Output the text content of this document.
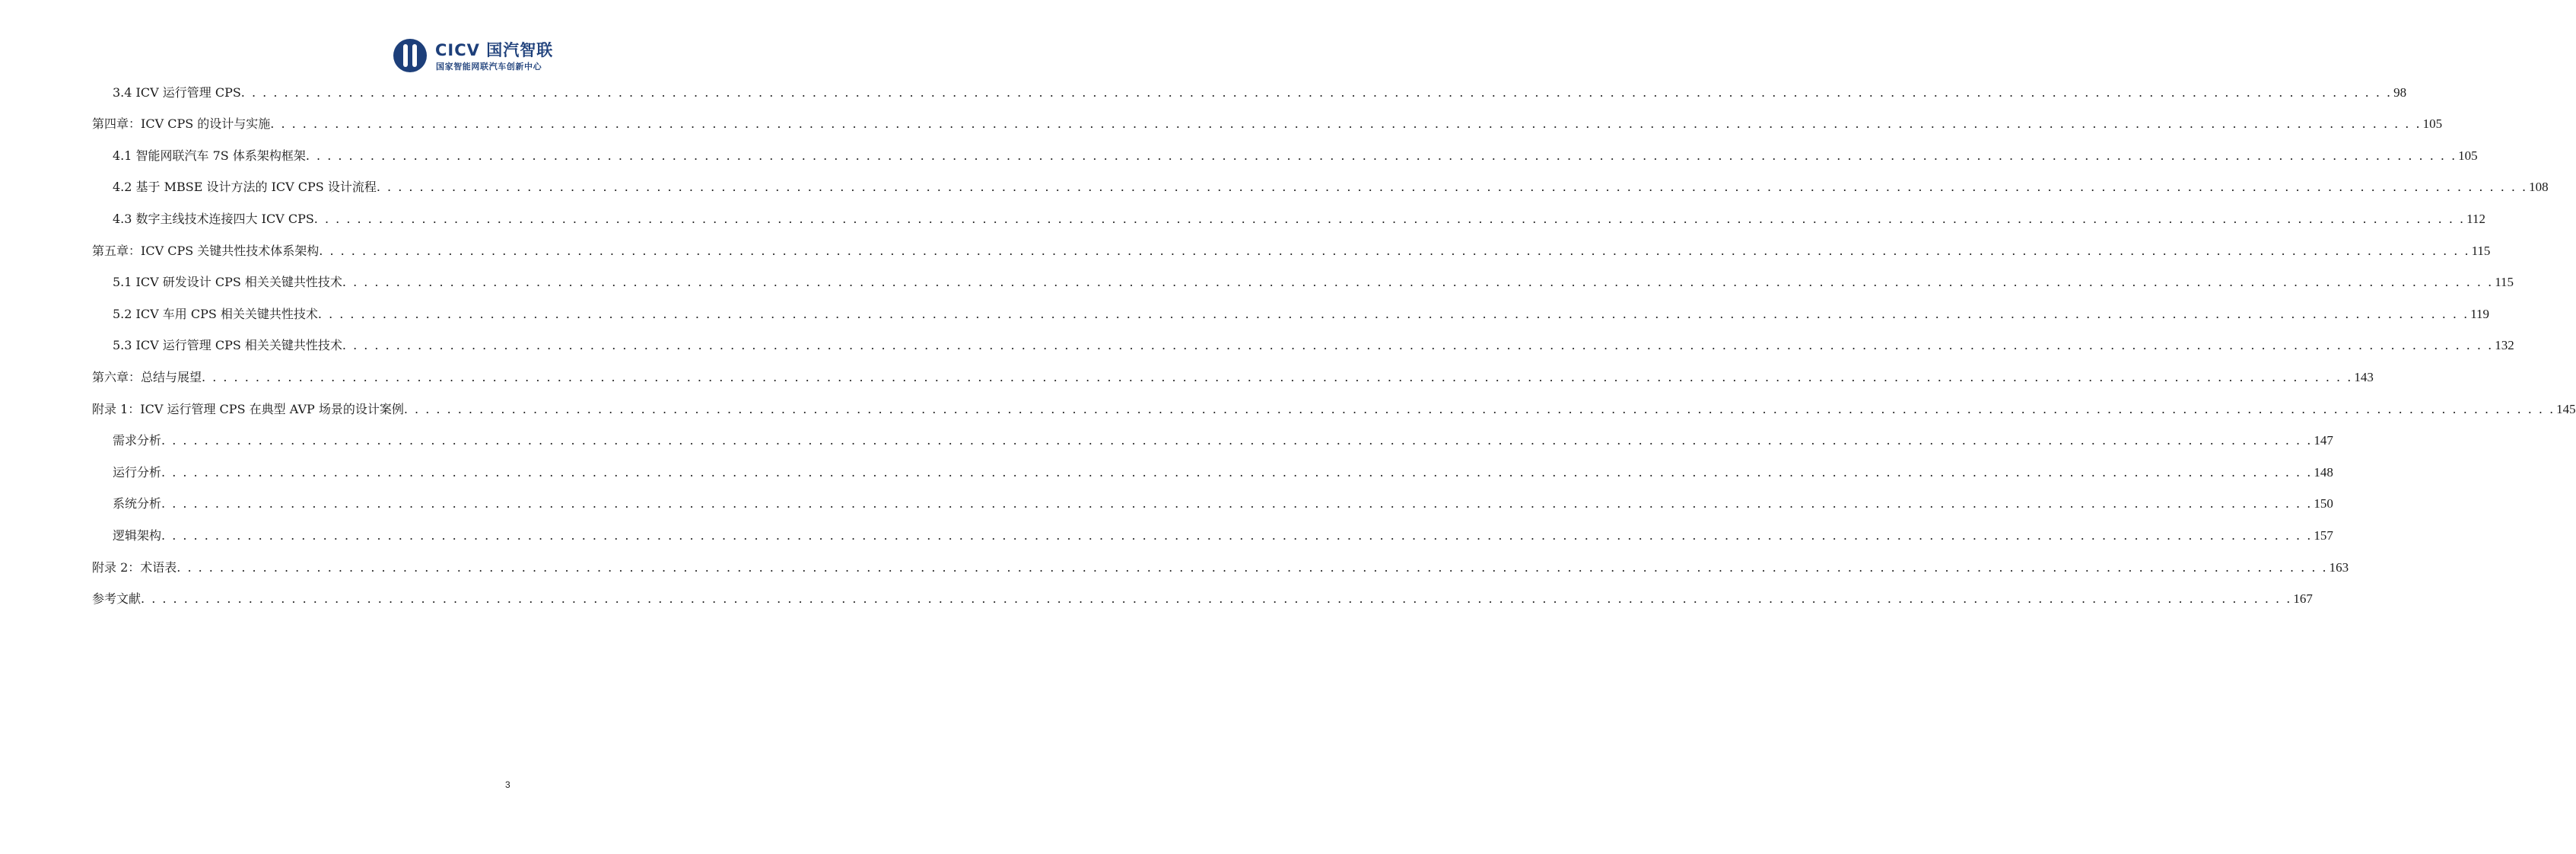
CICV 国汽智联
国家智能网联汽车创新中心
3.4 ICV 运行管理 CPS . . . . . . . . . . . . . . . . . . . . . . . . . . . . . . . . . . . . . . . . . . . . . . . . . . . . . . . . . . . . . . . . . . . . . . . . . . . . . . . . . . . . . . . . . . . . . . . . . . . . . . . . . . . . . . . . . . . . . . . . . . . . . . . . . . . . . . . . . . . . . . . . . . . . . . . . . . . . . . . . . . . . . . . . . . . . . . . . . . . . . . . . . . . . . . . . . . . . . . . . 98
第四章：ICV CPS 的设计与实施 . . . . . . . . . . . . . . . . . . . . . . . . . . . . . . . . . . . . . . . . . . . . . . . . . . . . . . . . . . . . . . . . . . . . . . . . . . . . . . . . . . . . . . . . . . . . . . . . . . . . . . . . . . . . . . . . . . . . . . . . . . . . . . . . . . . . . . . . . . . . . . . . . . . . . . . . . . . . . . . . . . . . . . . . . . . . . . . . . . . . . . . . . . . . . . . . . . . . . . . . 105
4.1 智能网联汽车 7S 体系架构框架 . . . . . . . . . . . . . . . . . . . . . . . . . . . . . . . . . . . . . . . . . . . . . . . . . . . . . . . . . . . . . . . . . . . . . . . . . . . . . . . . . . . . . . . . . . . . . . . . . . . . . . . . . . . . . . . . . . . . . . . . . . . . . . . . . . . . . . . . . . . . . . . . . . . . . . . . . . . . . . . . . . . . . . . . . . . . . . . . . . . . . . . . . . . . . . . . . . . . . . . . 105
4.2 基于 MBSE 设计方法的 ICV CPS 设计流程 . . . . . . . . . . . . . . . . . . . . . . . . . . . . . . . . . . . . . . . . . . . . . . . . . . . . . . . . . . . . . . . . . . . . . . . . . . . . . . . . . . . . . . . . . . . . . . . . . . . . . . . . . . . . . . . . . . . . . . . . . . . . . . . . . . . . . . . . . . . . . . . . . . . . . . . . . . . . . . . . . . . . . . . . . . . . . . . . . . . . . . . . . . . . . . . . . . . . . . . . 108
4.3 数字主线技术连接四大 ICV CPS . . . . . . . . . . . . . . . . . . . . . . . . . . . . . . . . . . . . . . . . . . . . . . . . . . . . . . . . . . . . . . . . . . . . . . . . . . . . . . . . . . . . . . . . . . . . . . . . . . . . . . . . . . . . . . . . . . . . . . . . . . . . . . . . . . . . . . . . . . . . . . . . . . . . . . . . . . . . . . . . . . . . . . . . . . . . . . . . . . . . . . . . . . . . . . . . . . . . . . . . 112
第五章：ICV CPS 关键共性技术体系架构 . . . . . . . . . . . . . . . . . . . . . . . . . . . . . . . . . . . . . . . . . . . . . . . . . . . . . . . . . . . . . . . . . . . . . . . . . . . . . . . . . . . . . . . . . . . . . . . . . . . . . . . . . . . . . . . . . . . . . . . . . . . . . . . . . . . . . . . . . . . . . . . . . . . . . . . . . . . . . . . . . . . . . . . . . . . . . . . . . . . . . . . . . . . . . . . . . . . . . . . . 115
5.1 ICV 研发设计 CPS 相关关键共性技术 . . . . . . . . . . . . . . . . . . . . . . . . . . . . . . . . . . . . . . . . . . . . . . . . . . . . . . . . . . . . . . . . . . . . . . . . . . . . . . . . . . . . . . . . . . . . . . . . . . . . . . . . . . . . . . . . . . . . . . . . . . . . . . . . . . . . . . . . . . . . . . . . . . . . . . . . . . . . . . . . . . . . . . . . . . . . . . . . . . . . . . . . . . . . . . . . . . . . . . . . 115
5.2 ICV 车用 CPS 相关关键共性技术 . . . . . . . . . . . . . . . . . . . . . . . . . . . . . . . . . . . . . . . . . . . . . . . . . . . . . . . . . . . . . . . . . . . . . . . . . . . . . . . . . . . . . . . . . . . . . . . . . . . . . . . . . . . . . . . . . . . . . . . . . . . . . . . . . . . . . . . . . . . . . . . . . . . . . . . . . . . . . . . . . . . . . . . . . . . . . . . . . . . . . . . . . . . . . . . . . . . . . . . . 119
5.3 ICV 运行管理 CPS 相关关键共性技术 . . . . . . . . . . . . . . . . . . . . . . . . . . . . . . . . . . . . . . . . . . . . . . . . . . . . . . . . . . . . . . . . . . . . . . . . . . . . . . . . . . . . . . . . . . . . . . . . . . . . . . . . . . . . . . . . . . . . . . . . . . . . . . . . . . . . . . . . . . . . . . . . . . . . . . . . . . . . . . . . . . . . . . . . . . . . . . . . . . . . . . . . . . . . . . . . . . . . . . . . 132
第六章：总结与展望 . . . . . . . . . . . . . . . . . . . . . . . . . . . . . . . . . . . . . . . . . . . . . . . . . . . . . . . . . . . . . . . . . . . . . . . . . . . . . . . . . . . . . . . . . . . . . . . . . . . . . . . . . . . . . . . . . . . . . . . . . . . . . . . . . . . . . . . . . . . . . . . . . . . . . . . . . . . . . . . . . . . . . . . . . . . . . . . . . . . . . . . . . . . . . . . . . . . . . . . . 143
附录 1：ICV 运行管理 CPS 在典型 AVP 场景的设计案例 . . . . . . . . . . . . . . . . . . . . . . . . . . . . . . . . . . . . . . . . . . . . . . . . . . . . . . . . . . . . . . . . . . . . . . . . . . . . . . . . . . . . . . . . . . . . . . . . . . . . . . . . . . . . . . . . . . . . . . . . . . . . . . . . . . . . . . . . . . . . . . . . . . . . . . . . . . . . . . . . . . . . . . . . . . . . . . . . . . . . . . . . . . . . . . . . . . . . . . . . 145
需求分析 . . . . . . . . . . . . . . . . . . . . . . . . . . . . . . . . . . . . . . . . . . . . . . . . . . . . . . . . . . . . . . . . . . . . . . . . . . . . . . . . . . . . . . . . . . . . . . . . . . . . . . . . . . . . . . . . . . . . . . . . . . . . . . . . . . . . . . . . . . . . . . . . . . . . . . . . . . . . . . . . . . . . . . . . . . . . . . . . . . . . . . . . . . . . . . . . . . . . . . . . 147
运行分析 . . . . . . . . . . . . . . . . . . . . . . . . . . . . . . . . . . . . . . . . . . . . . . . . . . . . . . . . . . . . . . . . . . . . . . . . . . . . . . . . . . . . . . . . . . . . . . . . . . . . . . . . . . . . . . . . . . . . . . . . . . . . . . . . . . . . . . . . . . . . . . . . . . . . . . . . . . . . . . . . . . . . . . . . . . . . . . . . . . . . . . . . . . . . . . . . . . . . . . . . 148
系统分析 . . . . . . . . . . . . . . . . . . . . . . . . . . . . . . . . . . . . . . . . . . . . . . . . . . . . . . . . . . . . . . . . . . . . . . . . . . . . . . . . . . . . . . . . . . . . . . . . . . . . . . . . . . . . . . . . . . . . . . . . . . . . . . . . . . . . . . . . . . . . . . . . . . . . . . . . . . . . . . . . . . . . . . . . . . . . . . . . . . . . . . . . . . . . . . . . . . . . . . . . 150
逻辑架构 . . . . . . . . . . . . . . . . . . . . . . . . . . . . . . . . . . . . . . . . . . . . . . . . . . . . . . . . . . . . . . . . . . . . . . . . . . . . . . . . . . . . . . . . . . . . . . . . . . . . . . . . . . . . . . . . . . . . . . . . . . . . . . . . . . . . . . . . . . . . . . . . . . . . . . . . . . . . . . . . . . . . . . . . . . . . . . . . . . . . . . . . . . . . . . . . . . . . . . . . 157
附录 2：术语表 . . . . . . . . . . . . . . . . . . . . . . . . . . . . . . . . . . . . . . . . . . . . . . . . . . . . . . . . . . . . . . . . . . . . . . . . . . . . . . . . . . . . . . . . . . . . . . . . . . . . . . . . . . . . . . . . . . . . . . . . . . . . . . . . . . . . . . . . . . . . . . . . . . . . . . . . . . . . . . . . . . . . . . . . . . . . . . . . . . . . . . . . . . . . . . . . . . . . . . . . 163
参考文献 . . . . . . . . . . . . . . . . . . . . . . . . . . . . . . . . . . . . . . . . . . . . . . . . . . . . . . . . . . . . . . . . . . . . . . . . . . . . . . . . . . . . . . . . . . . . . . . . . . . . . . . . . . . . . . . . . . . . . . . . . . . . . . . . . . . . . . . . . . . . . . . . . . . . . . . . . . . . . . . . . . . . . . . . . . . . . . . . . . . . . . . . . . . . . . . . . . . . . . . . 167
3
